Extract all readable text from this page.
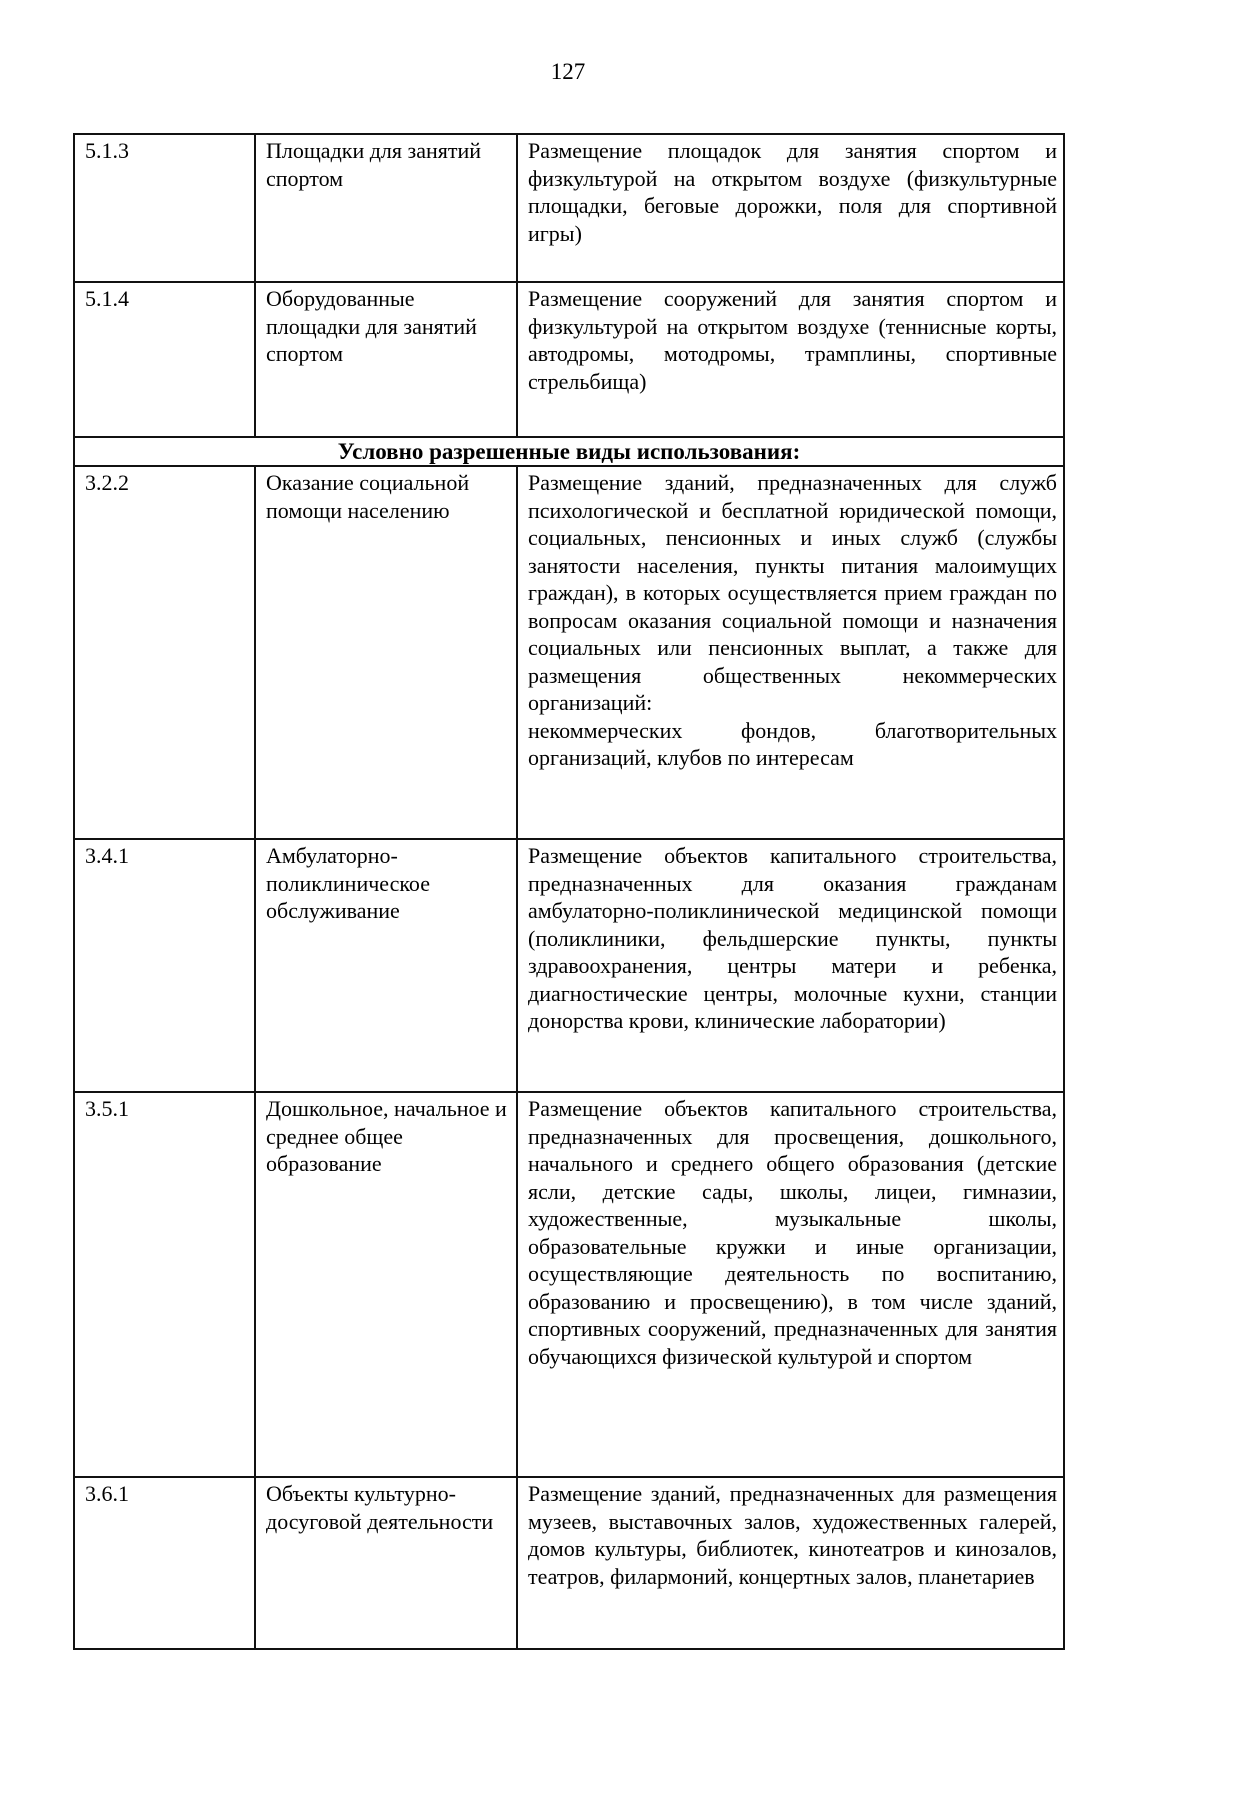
127
5.1.3	Площадки для занятий спортом	Размещение площадок для занятия спортом и физкультурой на открытом воздухе (физкультурные площадки, беговые дорожки, поля для спортивной игры)
5.1.4	Оборудованные площадки для занятий спортом	Размещение сооружений для занятия спортом и физкультурой на открытом воздухе (теннисные корты, автодромы, мотодромы, трамплины, спортивные стрельбища)
Условно разрешенные виды использования:		
3.2.2	Оказание социальной помощи населению	Размещение зданий, предназначенных для служб психологической и бесплатной юридической помощи, социальных, пенсионных и иных служб (службы занятости населения, пункты питания малоимущих граждан), в которых осуществляется прием граждан по вопросам оказания социальной помощи и назначения социальных или пенсионных выплат, а также для размещения общественных некоммерческих организаций:
некоммерческих фондов, благотворительных организаций, клубов по интересам

3.4.1	Амбулаторно-поликлиническое обслуживание	Размещение объектов капитального строительства, предназначенных для оказания гражданам амбулаторно-поликлинической медицинской помощи (поликлиники, фельдшерские пункты, пункты здравоохранения, центры матери и ребенка, диагностические центры, молочные кухни, станции донорства крови, клинические лаборатории)
3.5.1	Дошкольное, начальное и среднее общее образование	Размещение объектов капитального строительства, предназначенных для просвещения, дошкольного, начального и среднего общего образования (детские ясли, детские сады, школы, лицеи, гимназии, художественные, музыкальные школы, образовательные кружки и иные организации, осуществляющие деятельность по воспитанию, образованию и просвещению), в том числе зданий, спортивных сооружений, предназначенных для занятия обучающихся физической культурой и спортом
3.6.1	Объекты культурно-досуговой деятельности	Размещение зданий, предназначенных для размещения музеев, выставочных залов, художественных галерей, домов культуры, библиотек, кинотеатров и кинозалов, театров, филармоний, концертных залов, планетариев
